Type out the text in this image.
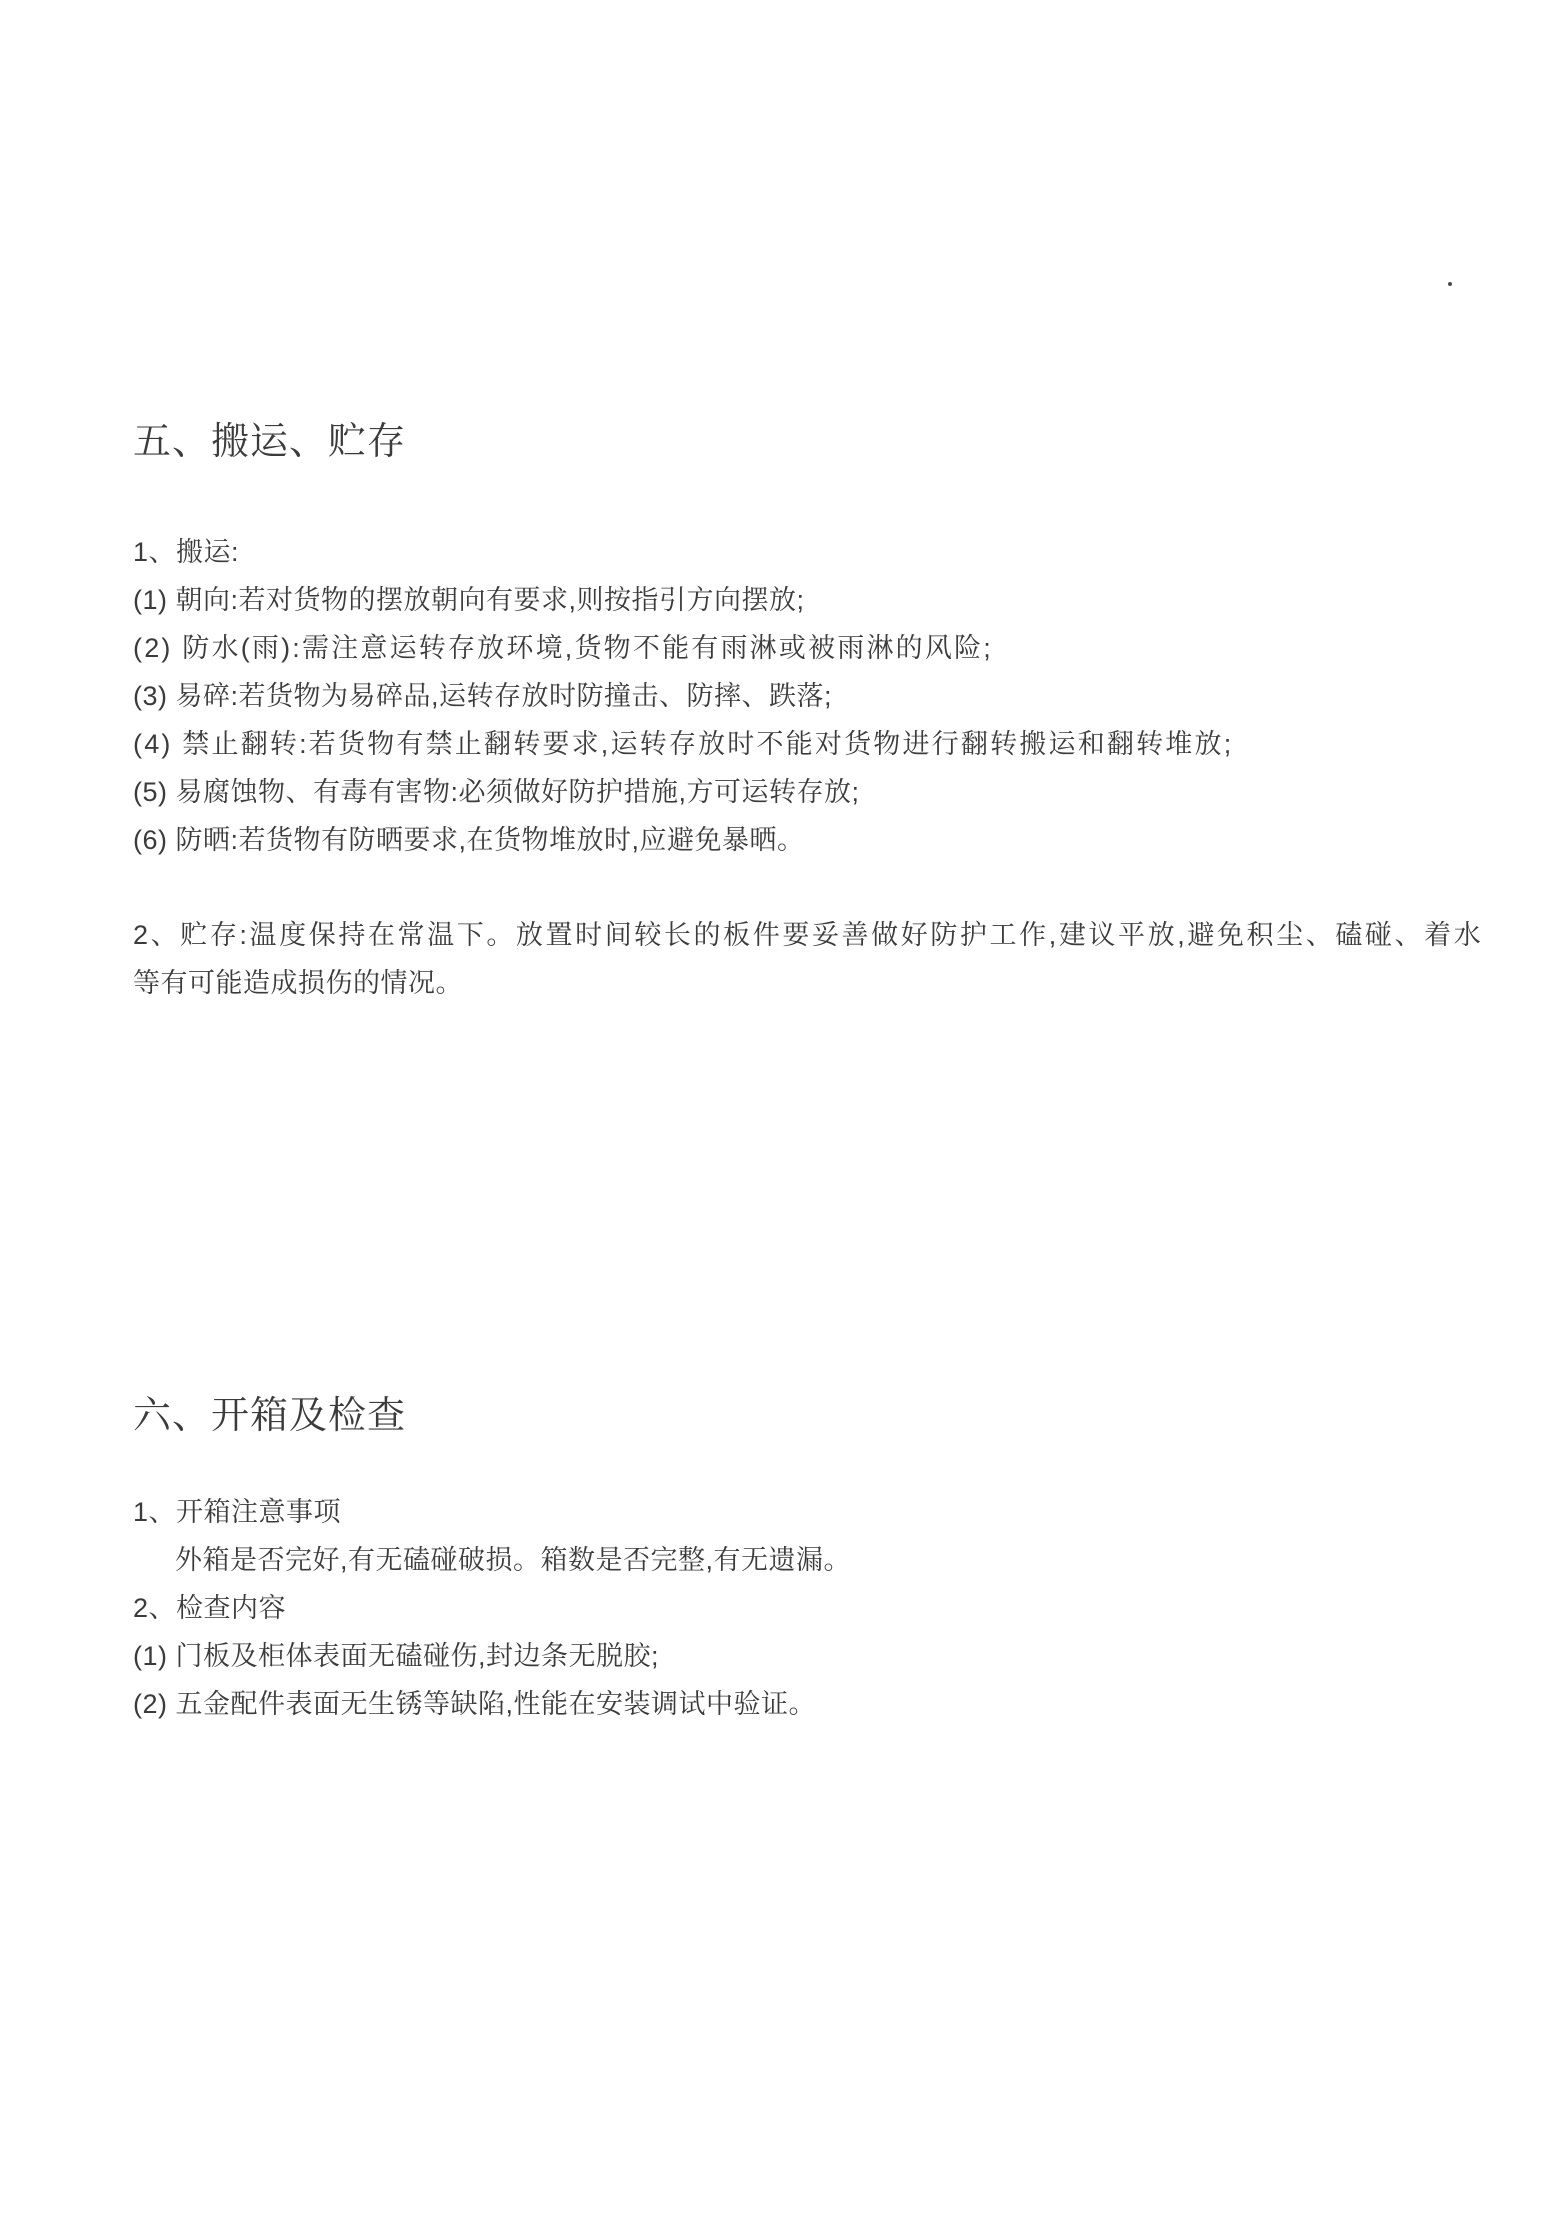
五、搬运、贮存
1、搬运:
(1) 朝向:若对货物的摆放朝向有要求,则按指引方向摆放;
(2) 防水(雨):需注意运转存放环境,货物不能有雨淋或被雨淋的风险;
(3) 易碎:若货物为易碎品,运转存放时防撞击、防摔、跌落;
(4) 禁止翻转:若货物有禁止翻转要求,运转存放时不能对货物进行翻转搬运和翻转堆放;
(5) 易腐蚀物、有毒有害物:必须做好防护措施,方可运转存放;
(6) 防晒:若货物有防晒要求,在货物堆放时,应避免暴晒。
2、贮存:温度保持在常温下。放置时间较长的板件要妥善做好防护工作,建议平放,避免积尘、磕碰、着水
等有可能造成损伤的情况。
六、开箱及检查
1、开箱注意事项
外箱是否完好,有无磕碰破损。箱数是否完整,有无遗漏。
2、检查内容
(1) 门板及柜体表面无磕碰伤,封边条无脱胶;
(2) 五金配件表面无生锈等缺陷,性能在安装调试中验证。
